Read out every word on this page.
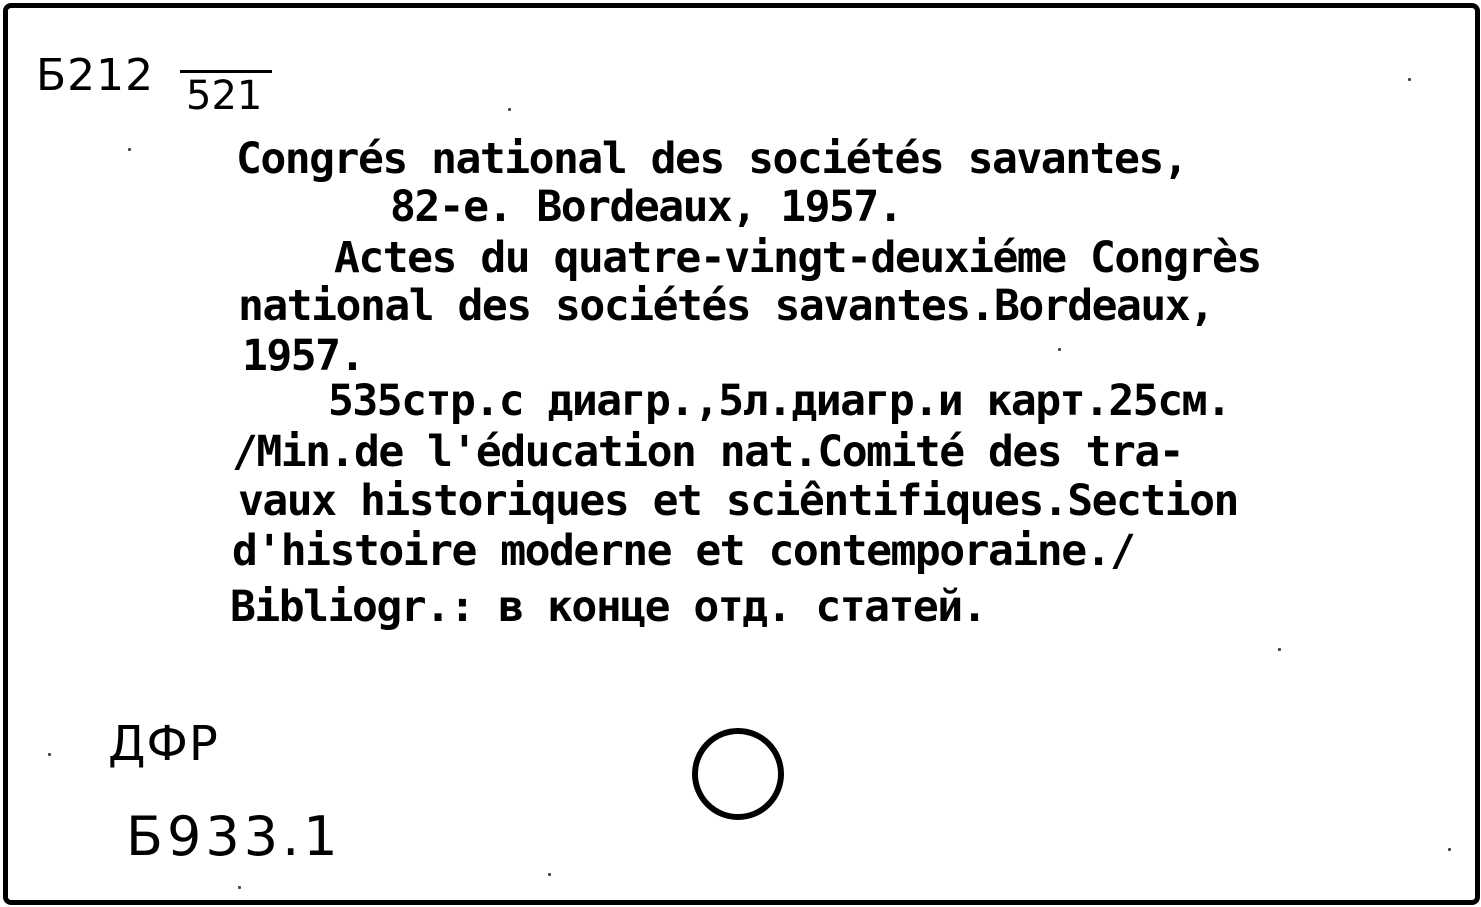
Б212 521
Congrés national des sociétés savantes,
82-e. Bordeaux, 1957.
Actes du quatre-vingt-deuxiéme Congrès
national des sociétés savantes.Bordeaux,
1957.
535стр.с диагр.,5л.диагр.и карт.25см.
/Min.de l'éducation nat.Comité des tra-
vaux historiques et sciêntifiques.Section
d'histoire moderne et contemporaine./
Bibliogr.: в конце отд. статей.
ДФР
Б933.1
